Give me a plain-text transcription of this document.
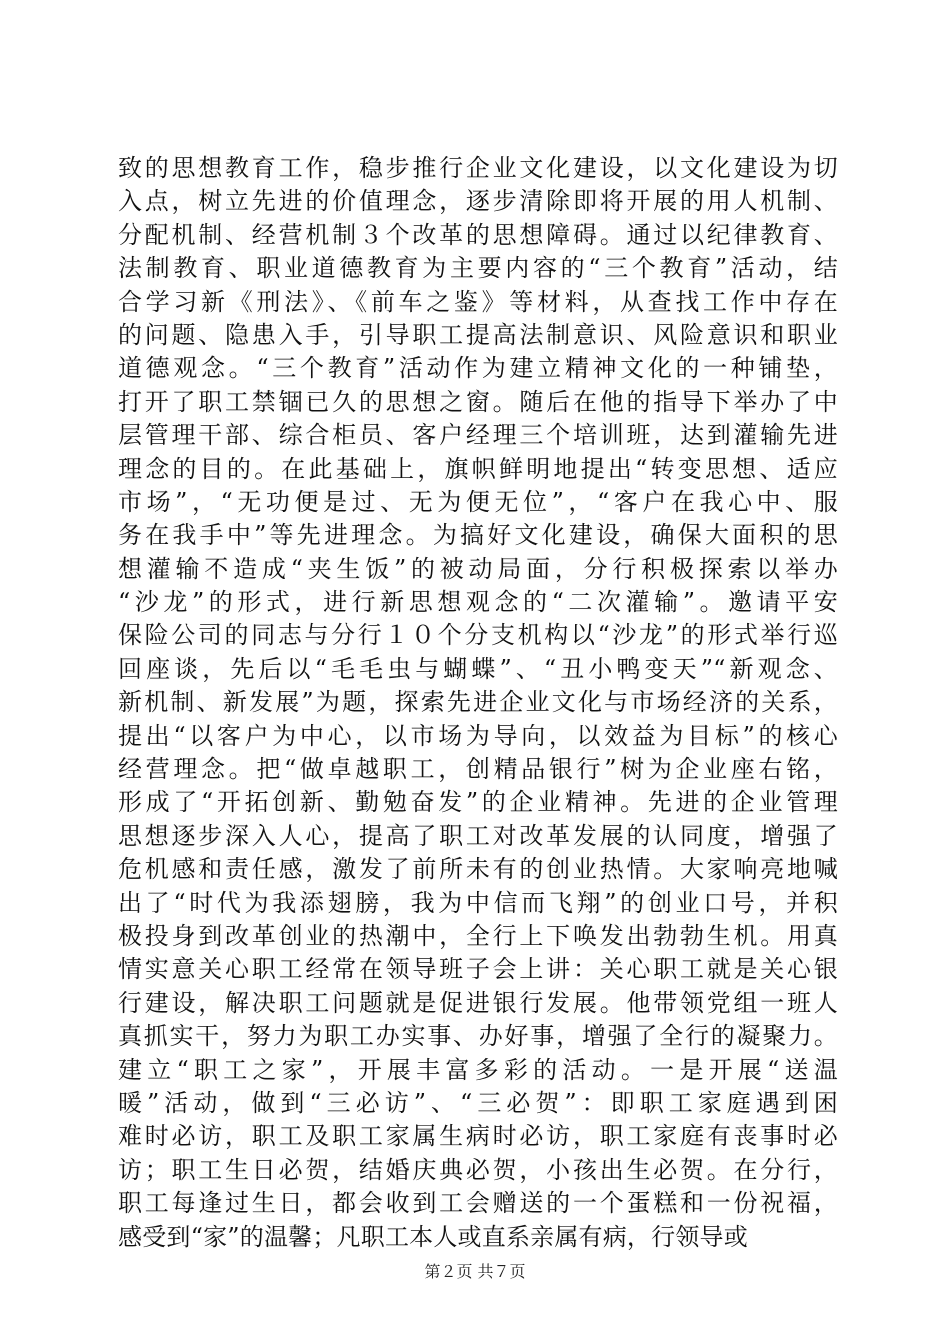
致的思想教育工作，稳步推行企业文化建设，以文化建设为切
入点，树立先进的价值理念，逐步清除即将开展的用人机制、
分配机制、经营机制３个改革的思想障碍。通过以纪律教育、
法制教育、职业道德教育为主要内容的“三个教育”活动，结
合学习新《刑法》、《前车之鉴》等材料，从查找工作中存在
的问题、隐患入手，引导职工提高法制意识、风险意识和职业
道德观念。“三个教育”活动作为建立精神文化的一种铺垫，
打开了职工禁锢已久的思想之窗。随后在他的指导下举办了中
层管理干部、综合柜员、客户经理三个培训班，达到灌输先进
理念的目的。在此基础上，旗帜鲜明地提出“转变思想、适应
市场”，“无功便是过、无为便无位”，“客户在我心中、服
务在我手中”等先进理念。为搞好文化建设，确保大面积的思
想灌输不造成“夹生饭”的被动局面，分行积极探索以举办
“沙龙”的形式，进行新思想观念的“二次灌输”。邀请平安
保险公司的同志与分行１０个分支机构以“沙龙”的形式举行巡
回座谈，先后以“毛毛虫与蝴蝶”、“丑小鸭变天”“新观念、
新机制、新发展”为题，探索先进企业文化与市场经济的关系，
提出“以客户为中心，以市场为导向，以效益为目标”的核心
经营理念。把“做卓越职工，创精品银行”树为企业座右铭，
形成了“开拓创新、勤勉奋发”的企业精神。先进的企业管理
思想逐步深入人心，提高了职工对改革发展的认同度，增强了
危机感和责任感，激发了前所未有的创业热情。大家响亮地喊
出了“时代为我添翅膀，我为中信而飞翔”的创业口号，并积
极投身到改革创业的热潮中，全行上下唤发出勃勃生机。用真
情实意关心职工经常在领导班子会上讲：关心职工就是关心银
行建设，解决职工问题就是促进银行发展。他带领党组一班人
真抓实干，努力为职工办实事、办好事，增强了全行的凝聚力。
建立“职工之家”，开展丰富多彩的活动。一是开展“送温
暖”活动，做到“三必访”、“三必贺”：即职工家庭遇到困
难时必访，职工及职工家属生病时必访，职工家庭有丧事时必
访；职工生日必贺，结婚庆典必贺，小孩出生必贺。在分行，
职工每逢过生日，都会收到工会赠送的一个蛋糕和一份祝福，
感受到“家”的温馨；凡职工本人或直系亲属有病，行领导或
第２页 共７页
